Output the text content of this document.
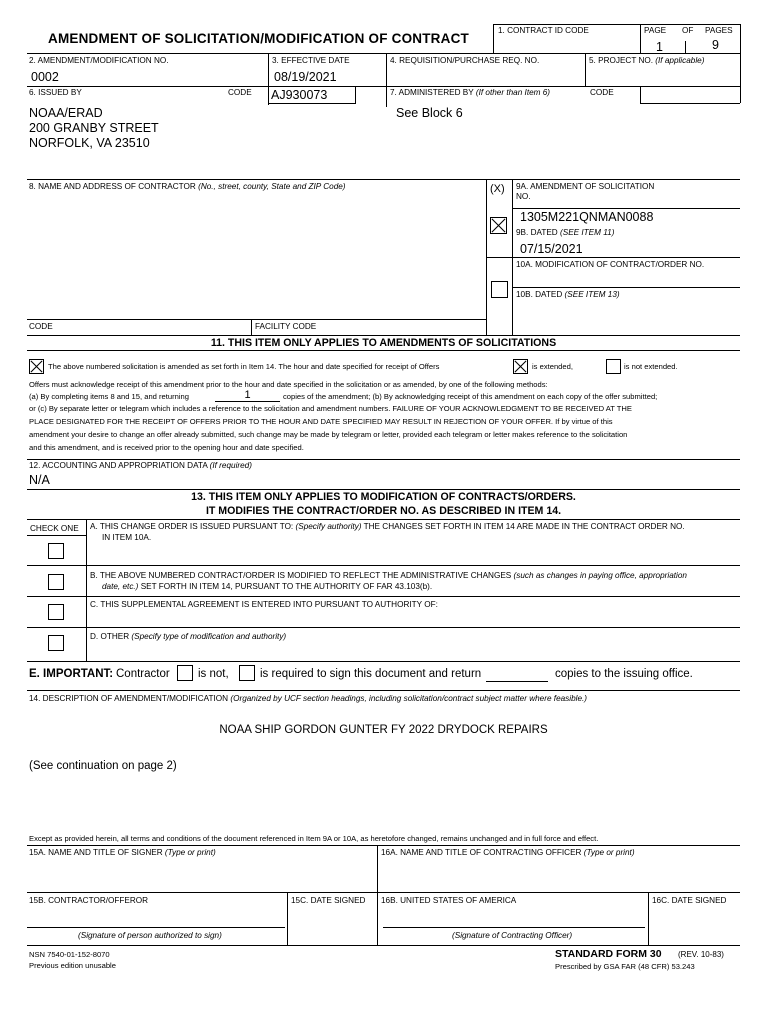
AMENDMENT OF SOLICITATION/MODIFICATION OF CONTRACT
1. CONTRACT ID CODE	PAGE OF PAGES
1	9
2. AMENDMENT/MODIFICATION NO.
0002
3. EFFECTIVE DATE
08/19/2021
4. REQUISITION/PURCHASE REQ. NO.	5. PROJECT NO. (If applicable)
6. ISSUED BY	CODE AJ930073	7. ADMINISTERED BY (If other than Item 6)	CODE
NOAA/ERAD
200 GRANBY STREET
NORFOLK, VA 23510
See Block 6
8. NAME AND ADDRESS OF CONTRACTOR (No., street, county, State and ZIP Code)	(X) 9A. AMENDMENT OF SOLICITATION
NO.
1305M221QNMAN0088
9B. DATED (SEE ITEM 11)
07/15/2021
10A. MODIFICATION OF CONTRACT/ORDER NO.
10B. DATED (SEE ITEM 13)
CODE	FACILITY CODE
11. THIS ITEM ONLY APPLIES TO AMENDMENTS OF SOLICITATIONS
The above numbered solicitation is amended as set forth in Item 14. The hour and date specified for receipt of Offers	is extended,	is not extended.
Offers must acknowledge receipt of this amendment prior to the hour and date specified in the solicitation or as amended, by one of the following methods:
(a) By completing items 8 and 15, and returning	1	copies of the amendment; (b) By acknowledging receipt of this amendment on each copy of the offer submitted;
or (c) By separate letter or telegram which includes a reference to the solicitation and amendment numbers. FAILURE OF YOUR ACKNOWLEDGMENT TO BE RECEIVED AT THE
PLACE DESIGNATED FOR THE RECEIPT OF OFFERS PRIOR TO THE HOUR AND DATE SPECIFIED MAY RESULT IN REJECTION OF YOUR OFFER. If by virtue of this
amendment your desire to change an offer already submitted, such change may be made by telegram or letter, provided each telegram or letter makes reference to the solicitation
and this amendment, and is received prior to the opening hour and date specified.
12. ACCOUNTING AND APPROPRIATION DATA (If required)
N/A
13. THIS ITEM ONLY APPLIES TO MODIFICATION OF CONTRACTS/ORDERS.
IT MODIFIES THE CONTRACT/ORDER NO. AS DESCRIBED IN ITEM 14.
CHECK ONE A. THIS CHANGE ORDER IS ISSUED PURSUANT TO: (Specify authority) THE CHANGES SET FORTH IN ITEM 14 ARE MADE IN THE CONTRACT ORDER NO.
IN ITEM 10A.
B. THE ABOVE NUMBERED CONTRACT/ORDER IS MODIFIED TO REFLECT THE ADMINISTRATIVE CHANGES (such as changes in paying office, appropriation
date, etc.) SET FORTH IN ITEM 14, PURSUANT TO THE AUTHORITY OF FAR 43.103(b).
C. THIS SUPPLEMENTAL AGREEMENT IS ENTERED INTO PURSUANT TO AUTHORITY OF:
D. OTHER (Specify type of modification and authority)
E. IMPORTANT: Contractor is not,	is required to sign this document and return	copies to the issuing office.
14. DESCRIPTION OF AMENDMENT/MODIFICATION (Organized by UCF section headings, including solicitation/contract subject matter where feasible.)
NOAA SHIP GORDON GUNTER FY 2022 DRYDOCK REPAIRS
(See continuation on page 2)
Except as provided herein, all terms and conditions of the document referenced in Item 9A or 10A, as heretofore changed, remains unchanged and in full force and effect.
15A. NAME AND TITLE OF SIGNER (Type or print)	16A. NAME AND TITLE OF CONTRACTING OFFICER (Type or print)
15B. CONTRACTOR/OFFEROR	15C. DATE SIGNED 16B. UNITED STATES OF AMERICA	16C. DATE SIGNED
(Signature of person authorized to sign)	(Signature of Contracting Officer)
NSN 7540-01-152-8070
Previous edition unusable
STANDARD FORM 30 (REV. 10-83)
Prescribed by GSA FAR (48 CFR) 53.243
